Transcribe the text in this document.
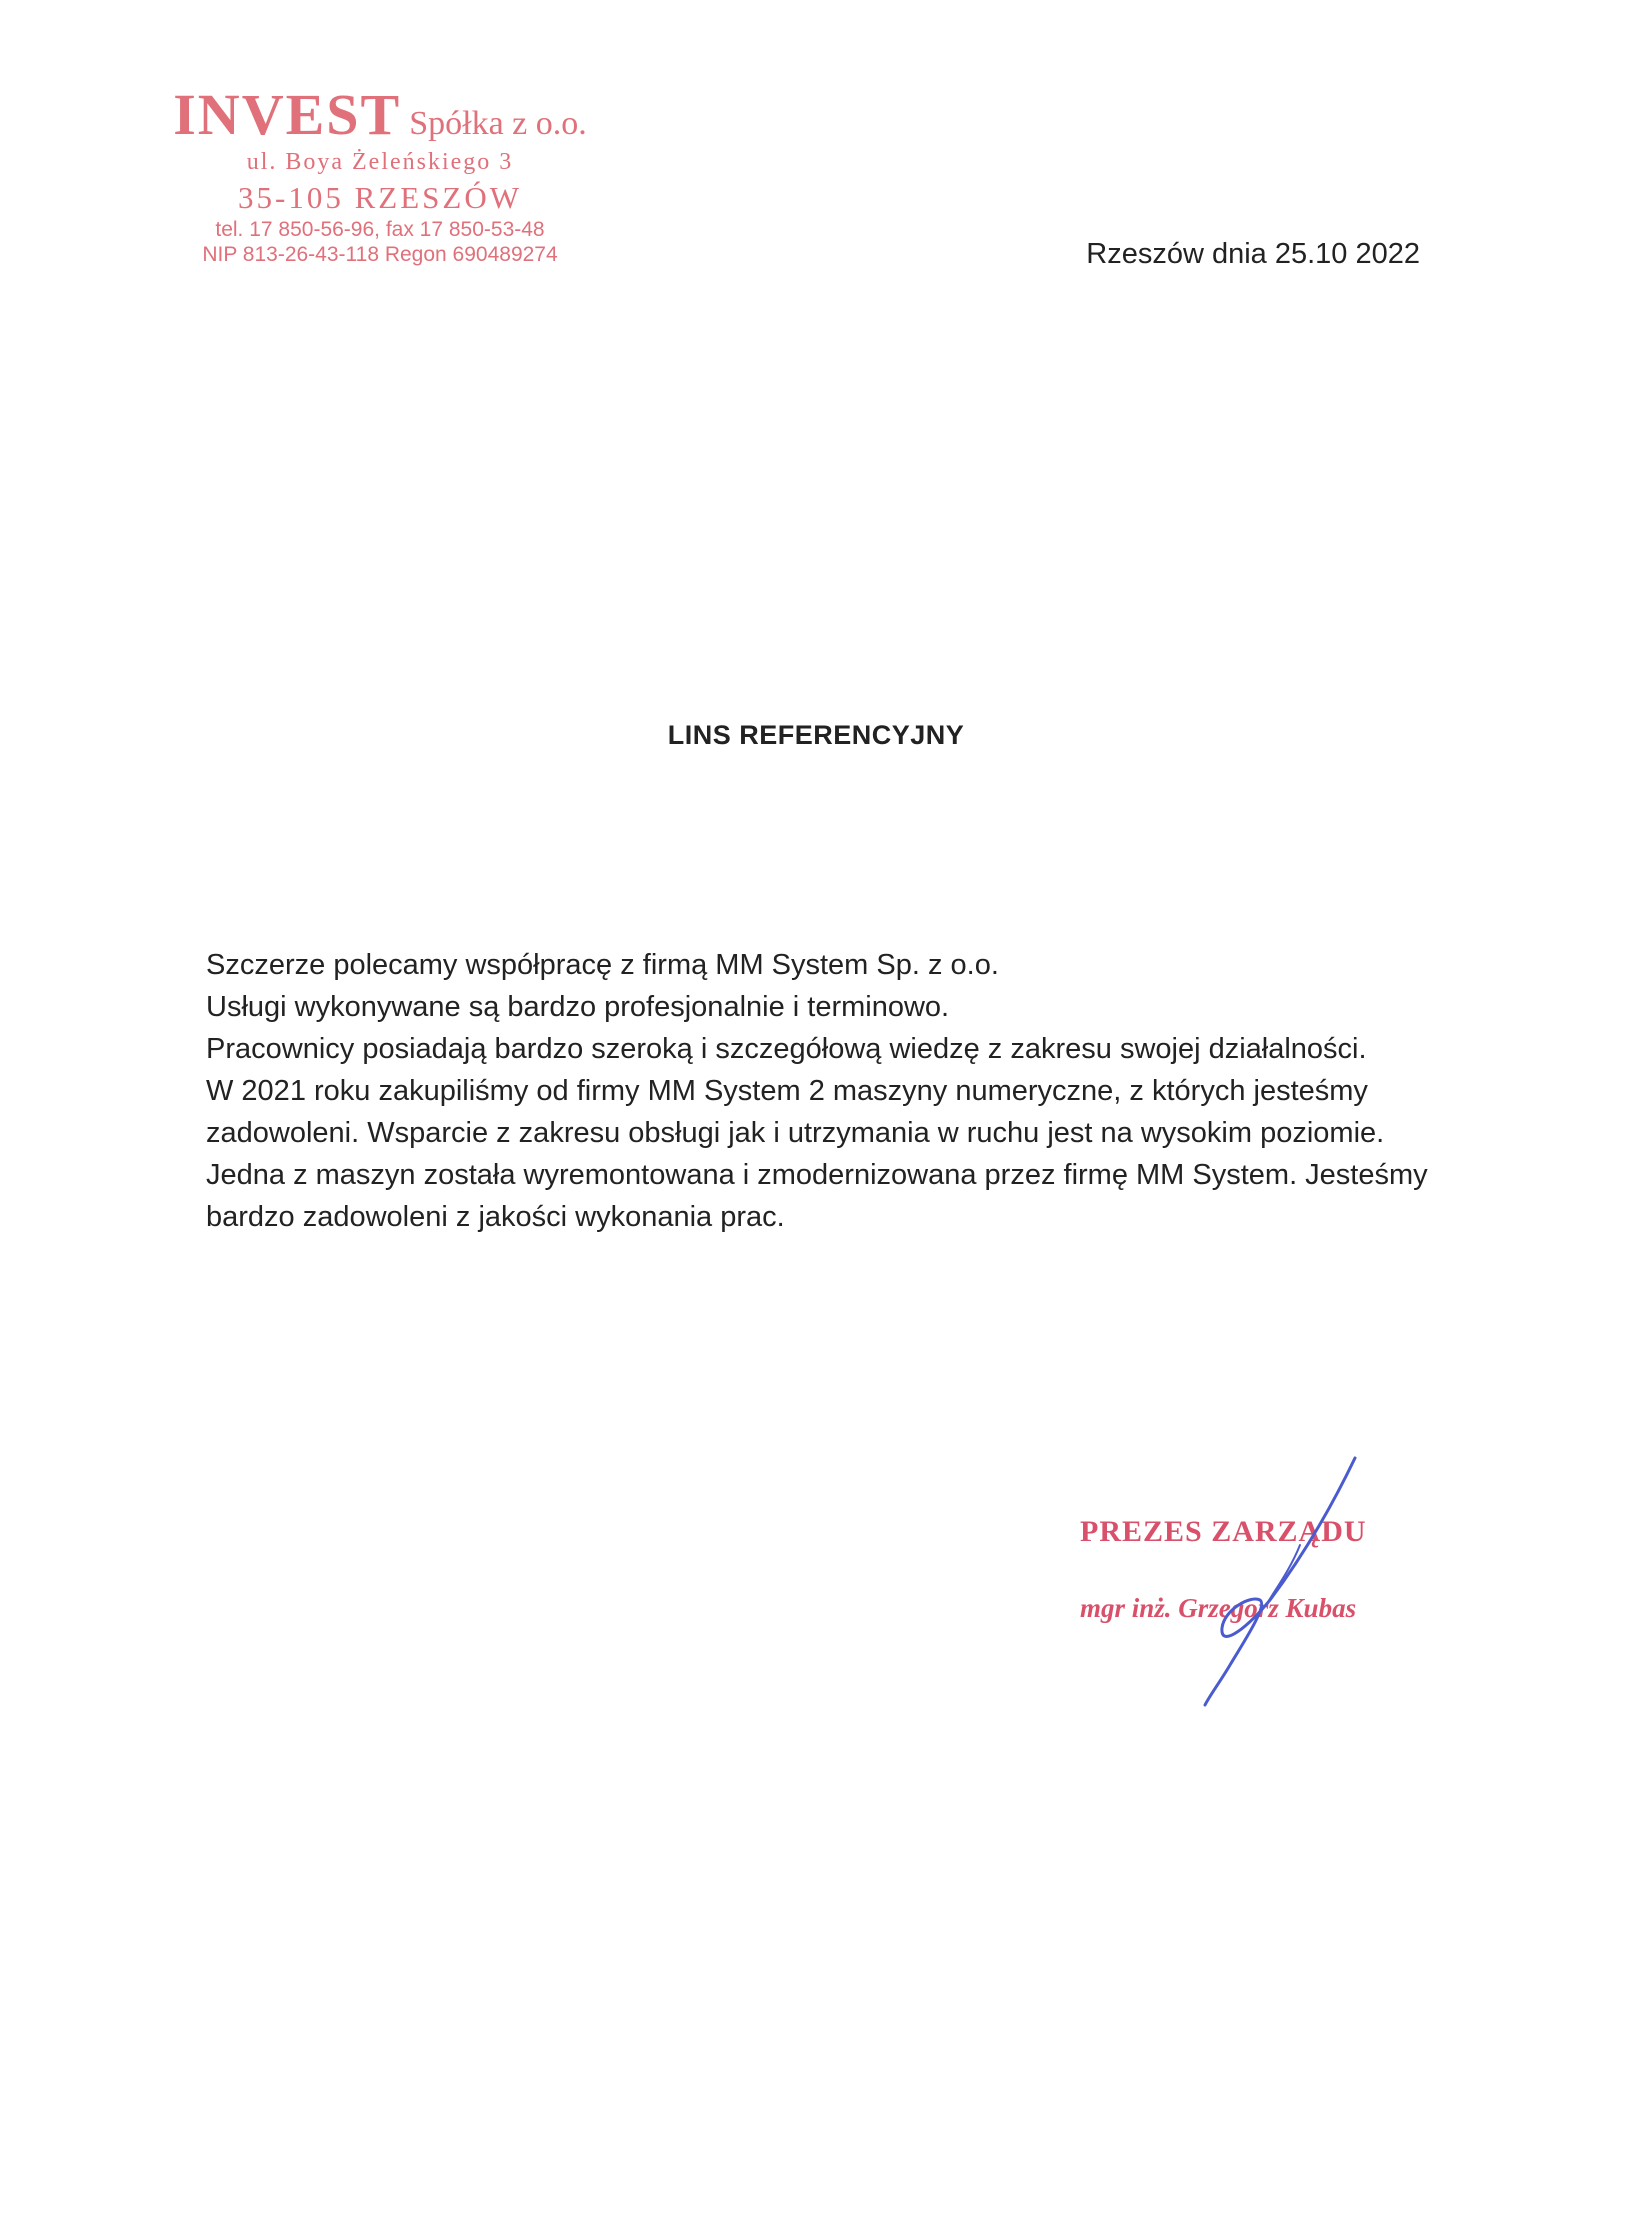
INVEST Spółka z o.o.
ul. Boya Żeleńskiego 3
35-105 RZESZÓW
tel. 17 850-56-96, fax 17 850-53-48
NIP 813-26-43-118 Regon 690489274	Rzeszów dnia 25.10 2022
LINS REFERENCYJNY

Szczerze polecamy współpracę z firmą MM System Sp. z o.o.

Usługi wykonywane są bardzo profesjonalnie i terminowo.

Pracownicy posiadają bardzo szeroką i szczegółową wiedzę z zakresu swojej działalności.

W 2021 roku zakupiliśmy od firmy MM System 2 maszyny numeryczne, z których jesteśmy

zadowoleni. Wsparcie z zakresu obsługi jak i utrzymania w ruchu jest na wysokim poziomie.

Jedna z maszyn została wyremontowana i zmodernizowana przez firmę MM System. Jesteśmy

bardzo zadowoleni z jakości wykonania prac.

PREZES ZARZĄDU
mgr inż. Grzegorz Kubas
